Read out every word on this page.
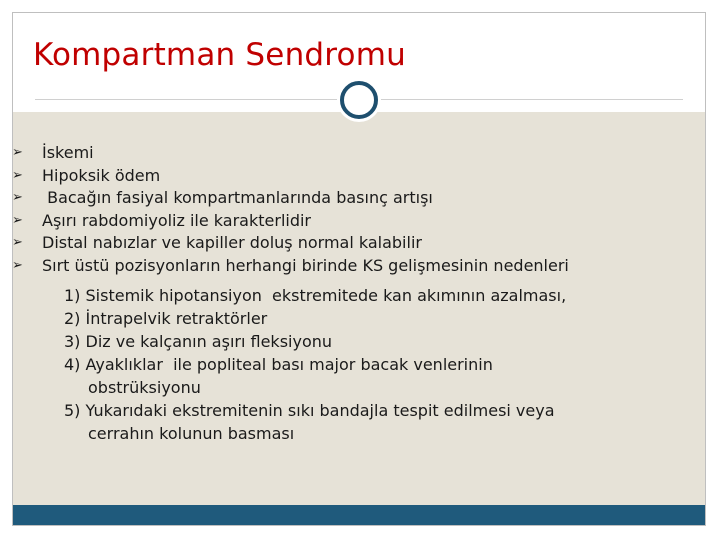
Kompartman Sendromu
➢ İskemi
➢ Hipoksik ödem
➢ Bacağın fasiyal kompartmanlarında basınç artışı
➢ Aşırı rabdomiyoliz ile karakterlidir
➢ Distal nabızlar ve kapiller doluş normal kalabilir
➢ Sırt üstü pozisyonların herhangi birinde KS gelişmesinin nedenleri
1) Sistemik hipotansiyon  ekstremitede kan akımının azalması,
2) İntrapelvik retraktörler
3) Diz ve kalçanın aşırı fleksiyonu
4) Ayaklıklar  ile popliteal bası major bacak venlerinin
obstrüksiyonu
5) Yukarıdaki ekstremitenin sıkı bandajla tespit edilmesi veya
cerrahın kolunun basması
